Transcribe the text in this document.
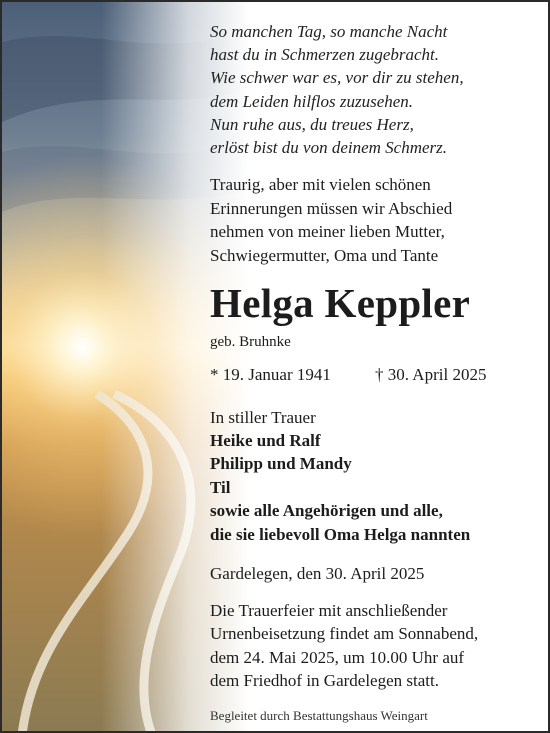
So manchen Tag, so manche Nacht
hast du in Schmerzen zugebracht.
Wie schwer war es, vor dir zu stehen,
dem Leiden hilflos zuzusehen.
Nun ruhe aus, du treues Herz,
erlöst bist du von deinem Schmerz.
Traurig, aber mit vielen schönen
Erinnerungen müssen wir Abschied
nehmen von meiner lieben Mutter,
Schwiegermutter, Oma und Tante
Helga Keppler
geb. Bruhnke
* 19. Januar 1941	† 30. April 2025
In stiller Trauer
Heike und Ralf
Philipp und Mandy
Til
sowie alle Angehörigen und alle,
die sie liebevoll Oma Helga nannten
Gardelegen, den 30. April 2025
Die Trauerfeier mit anschließender
Urnenbeisetzung findet am Sonnabend,
dem 24. Mai 2025, um 10.00 Uhr auf
dem Friedhof in Gardelegen statt.
Begleitet durch Bestattungshaus Weingart
